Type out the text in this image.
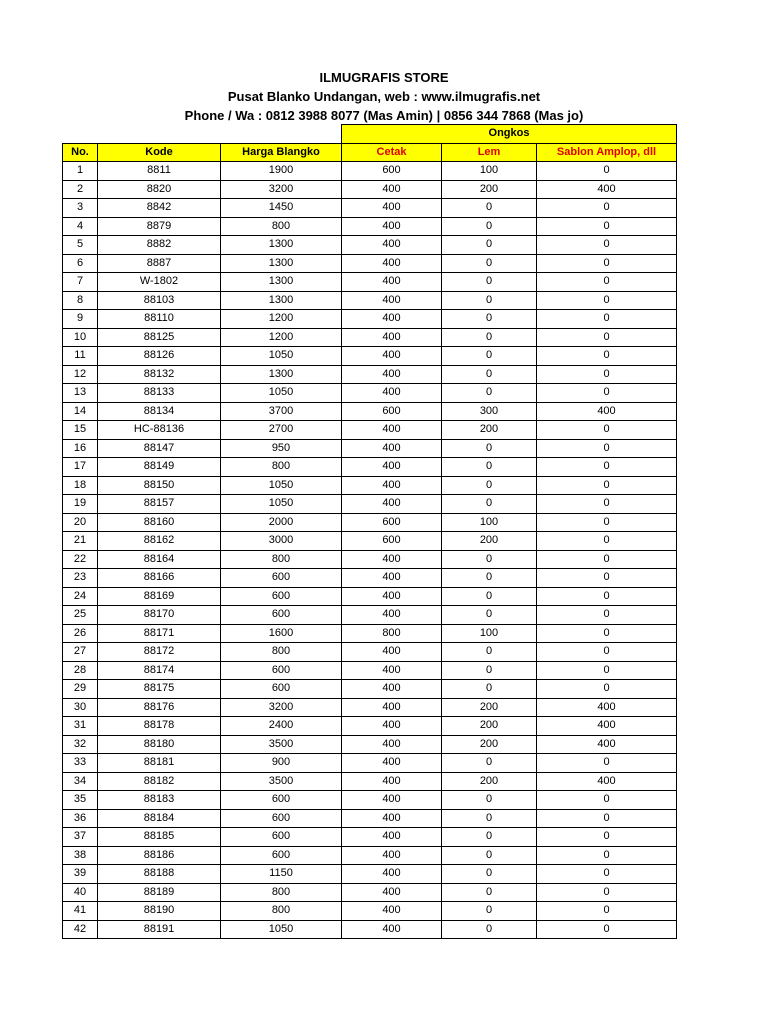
ILMUGRAFIS STORE
Pusat Blanko Undangan, web : www.ilmugrafis.net
Phone / Wa : 0812 3988 8077 (Mas Amin) | 0856 344 7868 (Mas jo)
			Ongkos		
No.	Kode	Harga Blangko	Cetak	Lem	Sablon Amplop, dll
1	8811	1900	600	100	0
2	8820	3200	400	200	400
3	8842	1450	400	0	0
4	8879	800	400	0	0
5	8882	1300	400	0	0
6	8887	1300	400	0	0
7	W-1802	1300	400	0	0
8	88103	1300	400	0	0
9	88110	1200	400	0	0
10	88125	1200	400	0	0
11	88126	1050	400	0	0
12	88132	1300	400	0	0
13	88133	1050	400	0	0
14	88134	3700	600	300	400
15	HC-88136	2700	400	200	0
16	88147	950	400	0	0
17	88149	800	400	0	0
18	88150	1050	400	0	0
19	88157	1050	400	0	0
20	88160	2000	600	100	0
21	88162	3000	600	200	0
22	88164	800	400	0	0
23	88166	600	400	0	0
24	88169	600	400	0	0
25	88170	600	400	0	0
26	88171	1600	800	100	0
27	88172	800	400	0	0
28	88174	600	400	0	0
29	88175	600	400	0	0
30	88176	3200	400	200	400
31	88178	2400	400	200	400
32	88180	3500	400	200	400
33	88181	900	400	0	0
34	88182	3500	400	200	400
35	88183	600	400	0	0
36	88184	600	400	0	0
37	88185	600	400	0	0
38	88186	600	400	0	0
39	88188	1150	400	0	0
40	88189	800	400	0	0
41	88190	800	400	0	0
42	88191	1050	400	0	0
